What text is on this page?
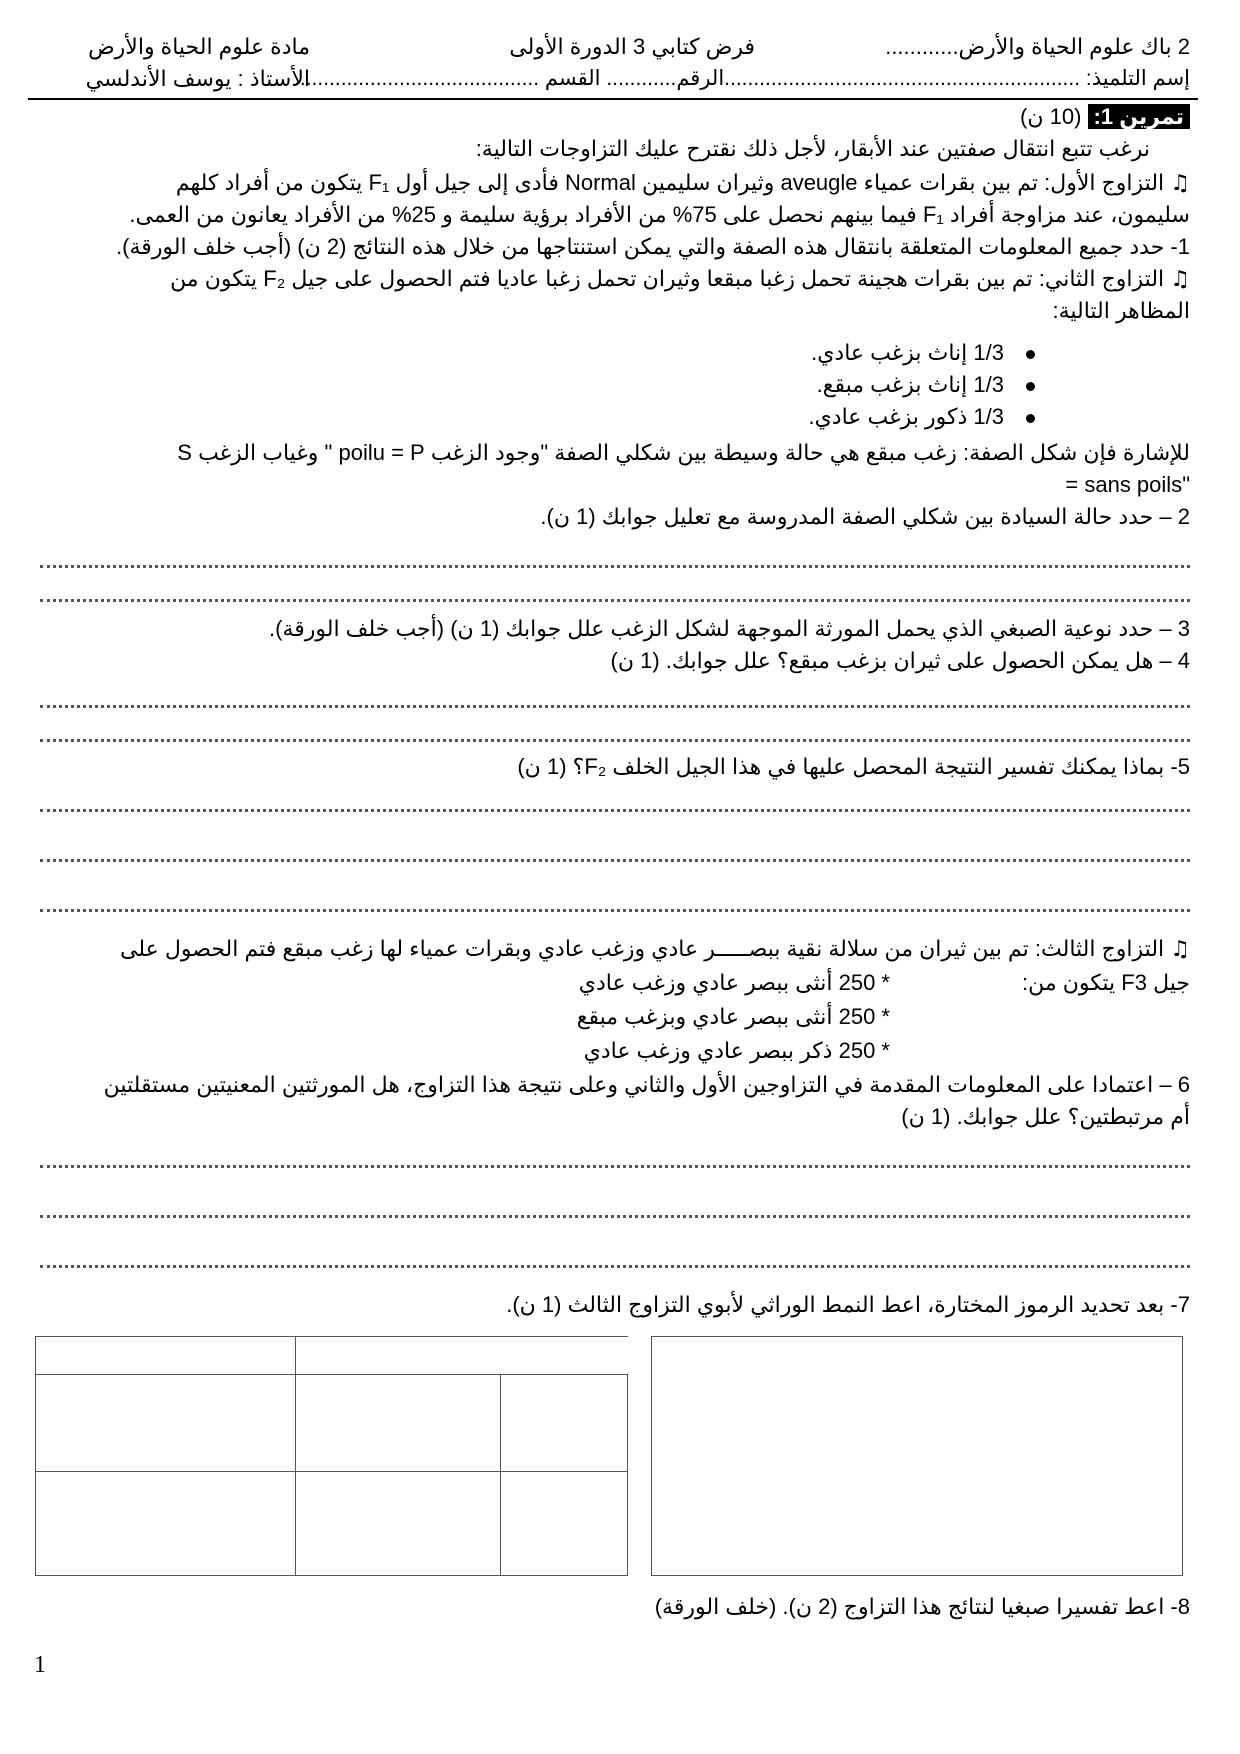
2 باك علوم الحياة والأرض............
فرض كتابي 3 الدورة الأولى
مادة علوم الحياة والأرض
إسم التلميذ: .............................................................الرقم............ القسم ..........................................
الأستاذ : يوسف الأندلسي
تمرين 1: (10 ن)
نرغب تتبع انتقال صفتين عند الأبقار، لأجل ذلك نقترح عليك التزاوجات التالية:
♫ التزاوج الأول: تم بين بقرات عمياء aveugle وثيران سليمين Normal فأدى إلى جيل أول F₁ يتكون من أفراد كلهم
سليمون، عند مزاوجة أفراد F₁ فيما بينهم نحصل على 75% من الأفراد برؤية سليمة و 25% من الأفراد يعانون من العمى.
1- حدد جميع المعلومات المتعلقة بانتقال هذه الصفة والتي يمكن استنتاجها من خلال هذه النتائج (2 ن) (أجب خلف الورقة).
♫ التزاوج الثاني: تم بين بقرات هجينة تحمل زغبا مبقعا وثيران تحمل زغبا عاديا فتم الحصول على جيل F₂ يتكون من
المظاهر التالية:
1/3 إناث بزغب عادي.
1/3 إناث بزغب مبقع.
1/3 ذكور بزغب عادي.
للإشارة فإن شكل الصفة: زغب مبقع هي حالة وسيطة بين شكلي الصفة "وجود الزغب poilu = P " وغياب الزغب S
"sans poils =
2 – حدد حالة السيادة بين شكلي الصفة المدروسة مع تعليل جوابك (1 ن).
3 – حدد نوعية الصبغي الذي يحمل المورثة الموجهة لشكل الزغب علل جوابك (1 ن) (أجب خلف الورقة).
4 – هل يمكن الحصول على ثيران بزغب مبقع؟ علل جوابك. (1 ن)
5- بماذا يمكنك تفسير النتيجة المحصل عليها في هذا الجيل الخلف F₂؟ (1 ن)
♫ التزاوج الثالث: تم بين ثيران من سلالة نقية ببصـــــر عادي وزغب عادي وبقرات عمياء لها زغب مبقع فتم الحصول على
جيل F3 يتكون من:
* 250 أنثى ببصر عادي وزغب عادي
* 250 أنثى ببصر عادي وبزغب مبقع
* 250 ذكر ببصر عادي وزغب عادي
6 – اعتمادا على المعلومات المقدمة في التزاوجين الأول والثاني وعلى نتيجة هذا التزاوج، هل المورثتين المعنيتين مستقلتين
أم مرتبطتين؟ علل جوابك. (1 ن)
7- بعد تحديد الرموز المختارة، اعط النمط الوراثي لأبوي التزاوج الثالث (1 ن).
8- اعط تفسيرا صبغيا لنتائج هذا التزاوج (2 ن). (خلف الورقة)
1
